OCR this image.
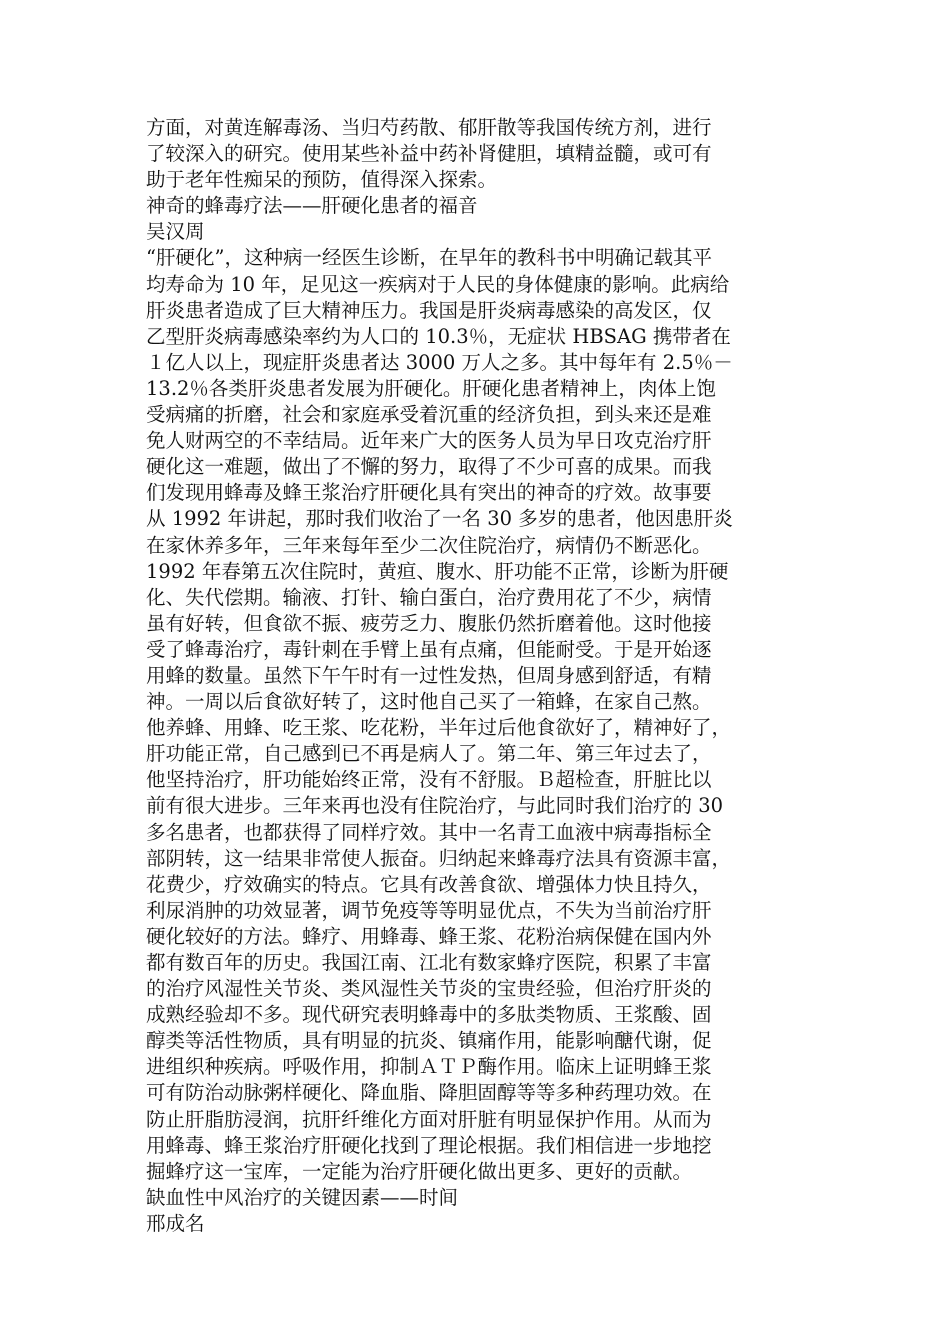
方面，对黄连解毒汤、当归芍药散、郁肝散等我国传统方剂，进行
了较深入的研究。使用某些补益中药补肾健胆，填精益髓，或可有
助于老年性痴呆的预防，值得深入探索。
神奇的蜂毒疗法——肝硬化患者的福音
吴汉周
“肝硬化”，这种病一经医生诊断，在早年的教科书中明确记载其平
均寿命为 10 年，足见这一疾病对于人民的身体健康的影响。此病给
肝炎患者造成了巨大精神压力。我国是肝炎病毒感染的高发区，仅
乙型肝炎病毒感染率约为人口的 10.3％，无症状 HBSAG 携带者在
１亿人以上，现症肝炎患者达 3000 万人之多。其中每年有 2.5％－
13.2％各类肝炎患者发展为肝硬化。肝硬化患者精神上，肉体上饱
受病痛的折磨，社会和家庭承受着沉重的经济负担，到头来还是难
免人财两空的不幸结局。近年来广大的医务人员为早日攻克治疗肝
硬化这一难题，做出了不懈的努力，取得了不少可喜的成果。而我
们发现用蜂毒及蜂王浆治疗肝硬化具有突出的神奇的疗效。故事要
从 1992 年讲起，那时我们收治了一名 30 多岁的患者，他因患肝炎
在家休养多年，三年来每年至少二次住院治疗，病情仍不断恶化。
1992 年春第五次住院时，黄疸、腹水、肝功能不正常，诊断为肝硬
化、失代偿期。输液、打针、输白蛋白，治疗费用花了不少，病情
虽有好转，但食欲不振、疲劳乏力、腹胀仍然折磨着他。这时他接
受了蜂毒治疗，毒针刺在手臂上虽有点痛，但能耐受。于是开始逐
用蜂的数量。虽然下午午时有一过性发热，但周身感到舒适，有精
神。一周以后食欲好转了，这时他自己买了一箱蜂，在家自己熬。
他养蜂、用蜂、吃王浆、吃花粉，半年过后他食欲好了，精神好了，
肝功能正常，自己感到已不再是病人了。第二年、第三年过去了，
他坚持治疗，肝功能始终正常，没有不舒服。Ｂ超检查，肝脏比以
前有很大进步。三年来再也没有住院治疗，与此同时我们治疗的 30
多名患者，也都获得了同样疗效。其中一名青工血液中病毒指标全
部阴转，这一结果非常使人振奋。归纳起来蜂毒疗法具有资源丰富，
花费少，疗效确实的特点。它具有改善食欲、增强体力快且持久，
利尿消肿的功效显著，调节免疫等等明显优点，不失为当前治疗肝
硬化较好的方法。蜂疗、用蜂毒、蜂王浆、花粉治病保健在国内外
都有数百年的历史。我国江南、江北有数家蜂疗医院，积累了丰富
的治疗风湿性关节炎、类风湿性关节炎的宝贵经验，但治疗肝炎的
成熟经验却不多。现代研究表明蜂毒中的多肽类物质、王浆酸、固
醇类等活性物质，具有明显的抗炎、镇痛作用，能影响醣代谢，促
进组织种疾病。呼吸作用，抑制ＡＴＰ酶作用。临床上证明蜂王浆
可有防治动脉粥样硬化、降血脂、降胆固醇等等多种药理功效。在
防止肝脂肪浸润，抗肝纤维化方面对肝脏有明显保护作用。从而为
用蜂毒、蜂王浆治疗肝硬化找到了理论根据。我们相信进一步地挖
掘蜂疗这一宝库，一定能为治疗肝硬化做出更多、更好的贡献。
缺血性中风治疗的关键因素——时间
邢成名
